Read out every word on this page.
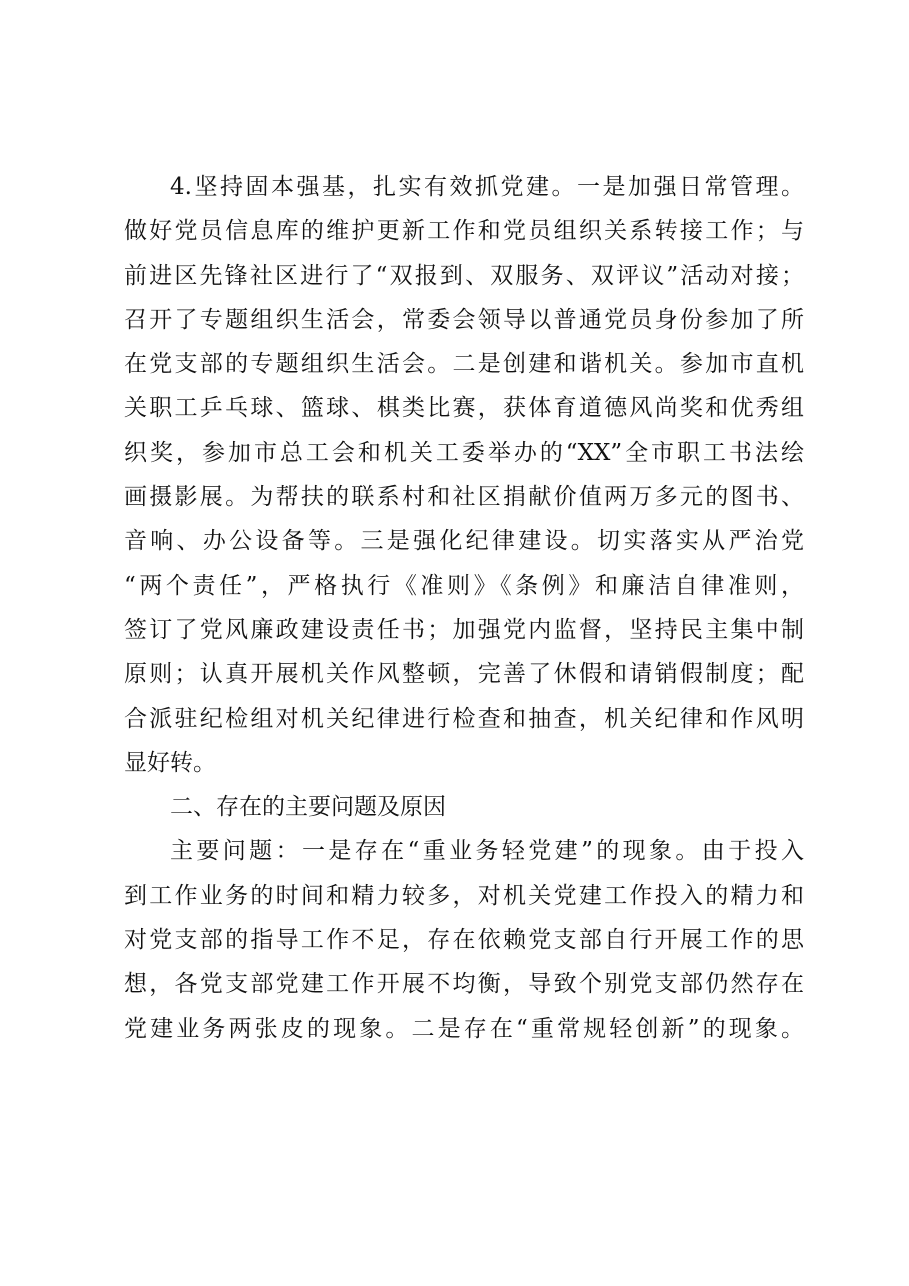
4.坚持固本强基，扎实有效抓党建。一是加强日常管理。
做好党员信息库的维护更新工作和党员组织关系转接工作；与
前进区先锋社区进行了“双报到、双服务、双评议”活动对接；
召开了专题组织生活会，常委会领导以普通党员身份参加了所
在党支部的专题组织生活会。二是创建和谐机关。参加市直机
关职工乒乓球、篮球、棋类比赛，获体育道德风尚奖和优秀组
织奖，参加市总工会和机关工委举办的“XX”全市职工书法绘
画摄影展。为帮扶的联系村和社区捐献价值两万多元的图书、
音响、办公设备等。三是强化纪律建设。切实落实从严治党
“两个责任”，严格执行《准则》《条例》和廉洁自律准则，
签订了党风廉政建设责任书；加强党内监督，坚持民主集中制
原则；认真开展机关作风整顿，完善了休假和请销假制度；配
合派驻纪检组对机关纪律进行检查和抽查，机关纪律和作风明
显好转。
二、存在的主要问题及原因
主要问题：一是存在“重业务轻党建”的现象。由于投入
到工作业务的时间和精力较多，对机关党建工作投入的精力和
对党支部的指导工作不足，存在依赖党支部自行开展工作的思
想，各党支部党建工作开展不均衡，导致个别党支部仍然存在
党建业务两张皮的现象。二是存在“重常规轻创新”的现象。
